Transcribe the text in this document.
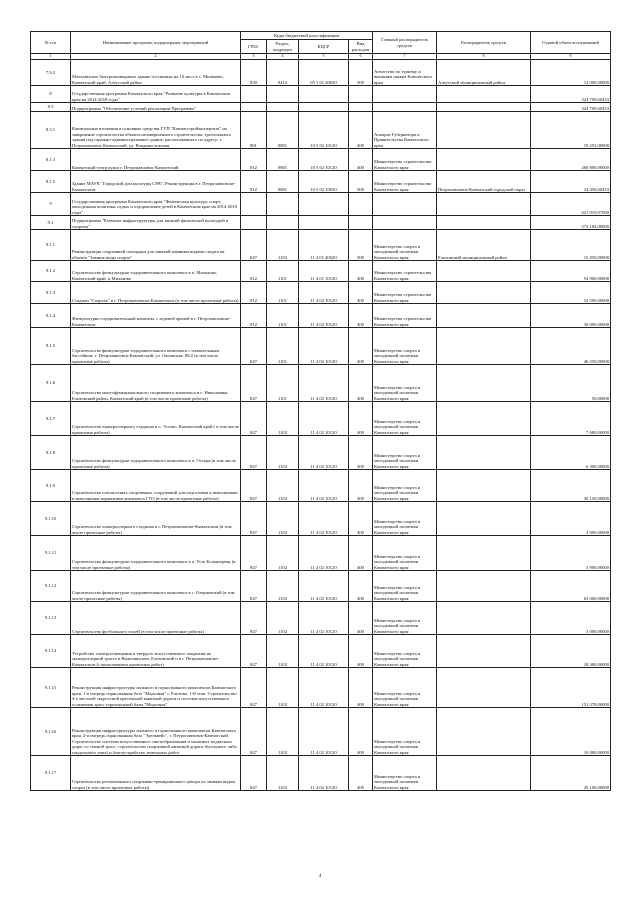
№ п/п	Наименование программ, подпрограмм, мероприятий	Коды бюджетной классификации				Главный распорядитель средств	Распорядитель средств	Годовой объем ассигнований
		ГРБС	Раздел, подраздел	КЦСР	Вид расходов			
1	2	3	4	5	6	7	8	9
7.9.2	Мальхинское быстровозводимое здание гостиницы на 10 мест в с. Мильково, Камчатский край, Алеутский район	830	0412	05 1 01 40020	500	Агентство по туризму и внешним связям Камчатского края	Алеутский муниципальный район	12 000,00000
8	Государственная программа Камчатского края "Развитие культуры в Камчатском крае на 2014-2018 годы"							324 709,60433
8.3	Подпрограмма "Обеспечение условий реализации Программы"							324 709,60433
8.3.1	Капитальные вложения в основные средства ГУП "Камчатстройэкспертиза" на завершение строительства объекта незавершенного строительства: трехэтажного здания под гаражно-административное здание, расположенного по адресу: г. Петропавловск-Камчатский, ул. Владивостокская	801	0801	10 5 02 10120	400	Аппарат Губернатора и Правительства Камчатского края		19 253,00000
8.1.3	Камчатский театр кукол г. Петропавловск-Камчатский	812	0801	10 5 02 10120	400	Министерство строительства Камчатского края		260 800,00000
8.1.5	Здание МАУК "Городской дом культуры СРВ", Реконструкция в г. Петропавловске-Камчатском	812	0801	10 5 02 10020	500	Министерство строительства Камчатского края	Петропавловск-Камчатский городской округ	24 456,60433
9	Государственная программа Камчатского края "Физическая культура, спорт, молодежная политика, отдых и оздоровление детей в Камчатском крае на 2014-2018 годы"							621 919,07000
9.1	Подпрограмма "Развитие инфраструктуры для занятий физической культурой и спортом"							572 184,00000
9.1.1	Реконструкция спортивной площадки для занятий зимними видами спорта на объекте "Зимние виды спорта"	847	1102	11 4 01 40020	500	Министерство спорта и молодежной политики Камчатского края	Елизовский муниципальный район	15 050,00000
9.1.2	Строительство физкультурно-оздоровительного комплекса в п. Мильково, Камчатский край, п.Мильково	812	1101	11 4 01 10120	400	Министерство строительства Камчатского края		54 900,00000
9.1.3	Стадион "Спартак" в г. Петропавловске-Камчатском (в том числе проектные работы)	812	1101	11 4 02 10120	400	Министерство строительства Камчатского края		52 500,00000
9.1.4	Физкультурно-оздоровительный комплекс с ледовой ареной в г. Петропавловске-Камчатском	812	1101	11 4 02 10120	400	Министерство строительства Камчатского края		30 000,00000
9.1.5	Строительство физкультурно-оздоровительного комплекса с плавательным бассейном, г. Петропавловск-Камчатский, ул. Океанская, 80/2 (в том числе проектные работы)	847	1101	11 4 02 10120	400	Министерство спорта и молодежной политики Камчатского края		46 550,00000
9.1.6	Строительство многофункционального спортивного комплекса в с. Николаевка, Елизовский район, Камчатский край (в том числе проектные работы)	847	1101	11 4 02 10120	400	Министерство спорта и молодежной политики Камчатского края		50,00000
9.1.7	Строительство лыжероллерного стадиона в с. Эссово, Камчатский край ( в том числе проектные работы)	847	1102	11 4 02 10120	400	Министерство спорта и молодежной политики Камчатского края		7 680,00000
9.1.8	Строительство физкультурно-оздоровительного комплекса в п. Оссора (в том числе проектные работы)	847	1102	11 4 02 10120	400	Министерство спорта и молодежной политики Камчатского края		6 300,00000
9.1.9	Строительство плоскостных спортивных сооружений для подготовки к выполнению и выполнения нормативов комплекса ГТО (в том числе проектные работы)	847	1102	11 4 02 10120	400	Министерство спорта и молодежной политики Камчатского края		36 150,00000
9.1.10	Строительство лыжероллерного стадиона в г. Петропавловске-Камчатском (в том числе проектные работы)	847	1102	11 4 02 10120	400	Министерство спорта и молодежной политики Камчатского края		3 000,00000
9.1.11	Строительство физкультурно-оздоровительного комплекса в п. Усть-Большерецк (в том числе проектные работы)	847	1102	11 4 02 10120	400	Министерство спорта и молодежной политики Камчатского края		3 900,00000
9.1.12	Строительство физкультурно-оздоровительного комплекса в с. Озерновский (в том числе проектные работы)	847	1102	11 4 02 10120	400	Министерство спорта и молодежной политики Камчатского края		63 000,00000
9.1.13	Строительство футбольного полей (в том числе проектные работы)	847	1102	11 4 02 10120	400	Министерство спорта и молодежной политики Камчатского края		3 000,00000
9.1.14	Устройство электроосвещения и твердого искусственного покрытия на лыжероллерной трассе в Вилючинском, Елизовский и в г. Петропавловске-Камчатском (с выполнением проектных работ)	847	1102	11 4 02 10120	400	Министерство спорта и молодежной политики Камчатского края		18 300,00000
9.1.15	Реконструкция инфраструктуры лыжного и горнолыжного комплексов Камчатского края, 1-я очередь горнолыжная база "Морозная" г. Елизово. 1-й этап. Строительство 4-х местной скоростной кресельной канатной дороги и системы искусственного оснежения трасс горнолыжной базы "Морозная"	847	1102	11 4 02 10120	400	Министерство спорта и молодежной политики Камчатского края		151 378,00000
9.1.16	Реконструкция инфраструктуры лыжного и горнолыжного комплексов Камчатского края, 2-я очередь горнолыжная база "Эдельвейс", г. Петропавловск-Камчатский. Строительство системы искусственного снегообразования и канатных подвесных дорог со сменой трасс, строительство спортивной канатной дороги бугельного либо гондольного типа) и благоустройство земельных работ	847	1102	11 4 02 10120	400	Министерство спорта и молодежной политики Камчатского края		10 000,00000
9.1.17	Строительство регионального спортивно-тренировочного центра по зимним видам спорта (в том числе проектные работы)	847	1102	11 4 02 10120	400	Министерство спорта и молодежной политики Камчатского края		29 100,00000
4
